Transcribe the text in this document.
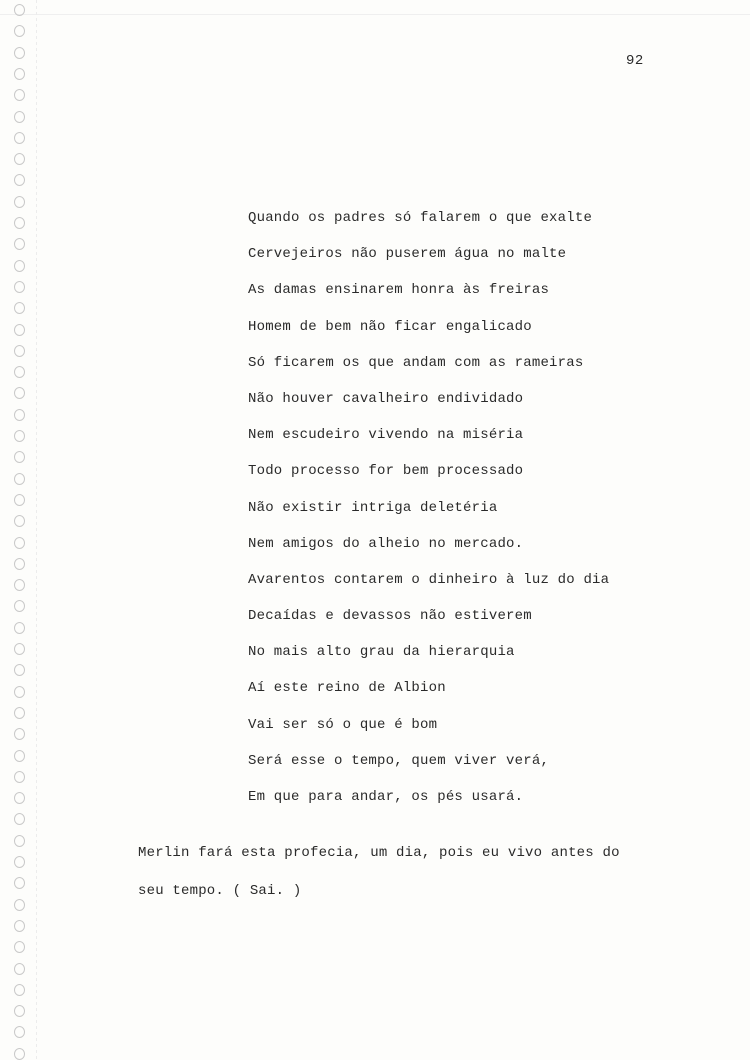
92
Quando os padres só falarem o que exalte
Cervejeiros não puserem água no malte
As damas ensinarem honra às freiras
Homem de bem não ficar engalicado
Só ficarem os que andam com as rameiras
Não houver cavalheiro endividado
Nem escudeiro vivendo na miséria
Todo processo for bem processado
Não existir intriga deletéria
Nem amigos do alheio no mercado.
Avarentos contarem o dinheiro à luz do dia
Decaídas e devassos não estiverem
No mais alto grau da hierarquia
Aí este reino de Albion
Vai ser só o que é bom
Será esse o tempo, quem viver verá,
Em que para andar, os pés usará.

Merlin fará esta profecia, um dia, pois eu vivo antes do
seu tempo. ( Sai. )
